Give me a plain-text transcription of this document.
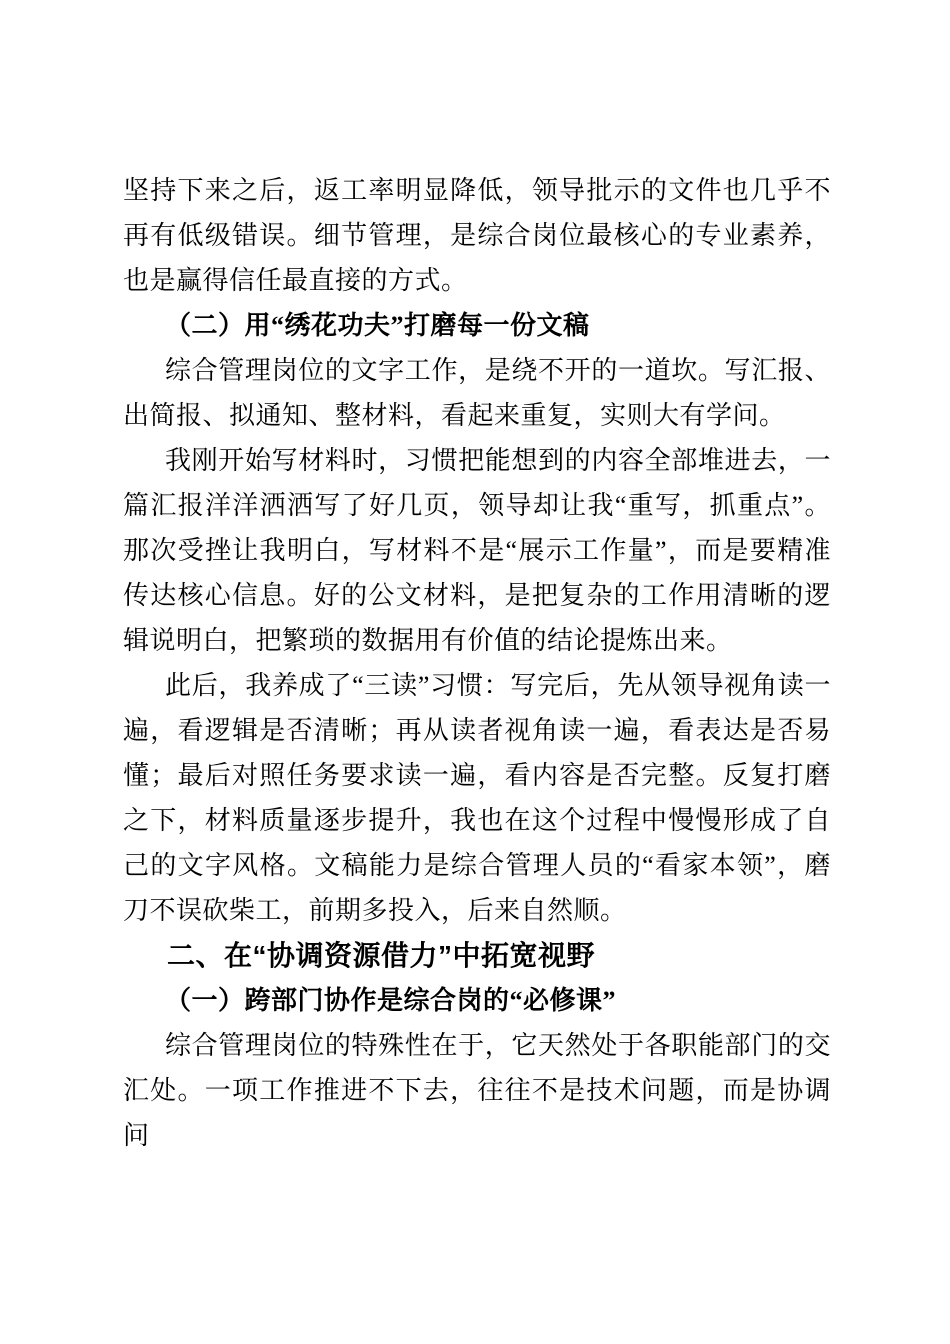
坚持下来之后，返工率明显降低，领导批示的文件也几乎不再有低级错误。细节管理，是综合岗位最核心的专业素养，也是赢得信任最直接的方式。

（二）用“绣花功夫”打磨每一份文稿

综合管理岗位的文字工作，是绕不开的一道坎。写汇报、出简报、拟通知、整材料，看起来重复，实则大有学问。

我刚开始写材料时，习惯把能想到的内容全部堆进去，一篇汇报洋洋洒洒写了好几页，领导却让我“重写，抓重点”。那次受挫让我明白，写材料不是“展示工作量”，而是要精准传达核心信息。好的公文材料，是把复杂的工作用清晰的逻辑说明白，把繁琐的数据用有价值的结论提炼出来。

此后，我养成了“三读”习惯：写完后，先从领导视角读一遍，看逻辑是否清晰；再从读者视角读一遍，看表达是否易懂；最后对照任务要求读一遍，看内容是否完整。反复打磨之下，材料质量逐步提升，我也在这个过程中慢慢形成了自己的文字风格。文稿能力是综合管理人员的“看家本领”，磨刀不误砍柴工，前期多投入，后来自然顺。

二、在“协调资源借力”中拓宽视野

（一）跨部门协作是综合岗的“必修课”

综合管理岗位的特殊性在于，它天然处于各职能部门的交汇处。一项工作推进不下去，往往不是技术问题，而是协调问
